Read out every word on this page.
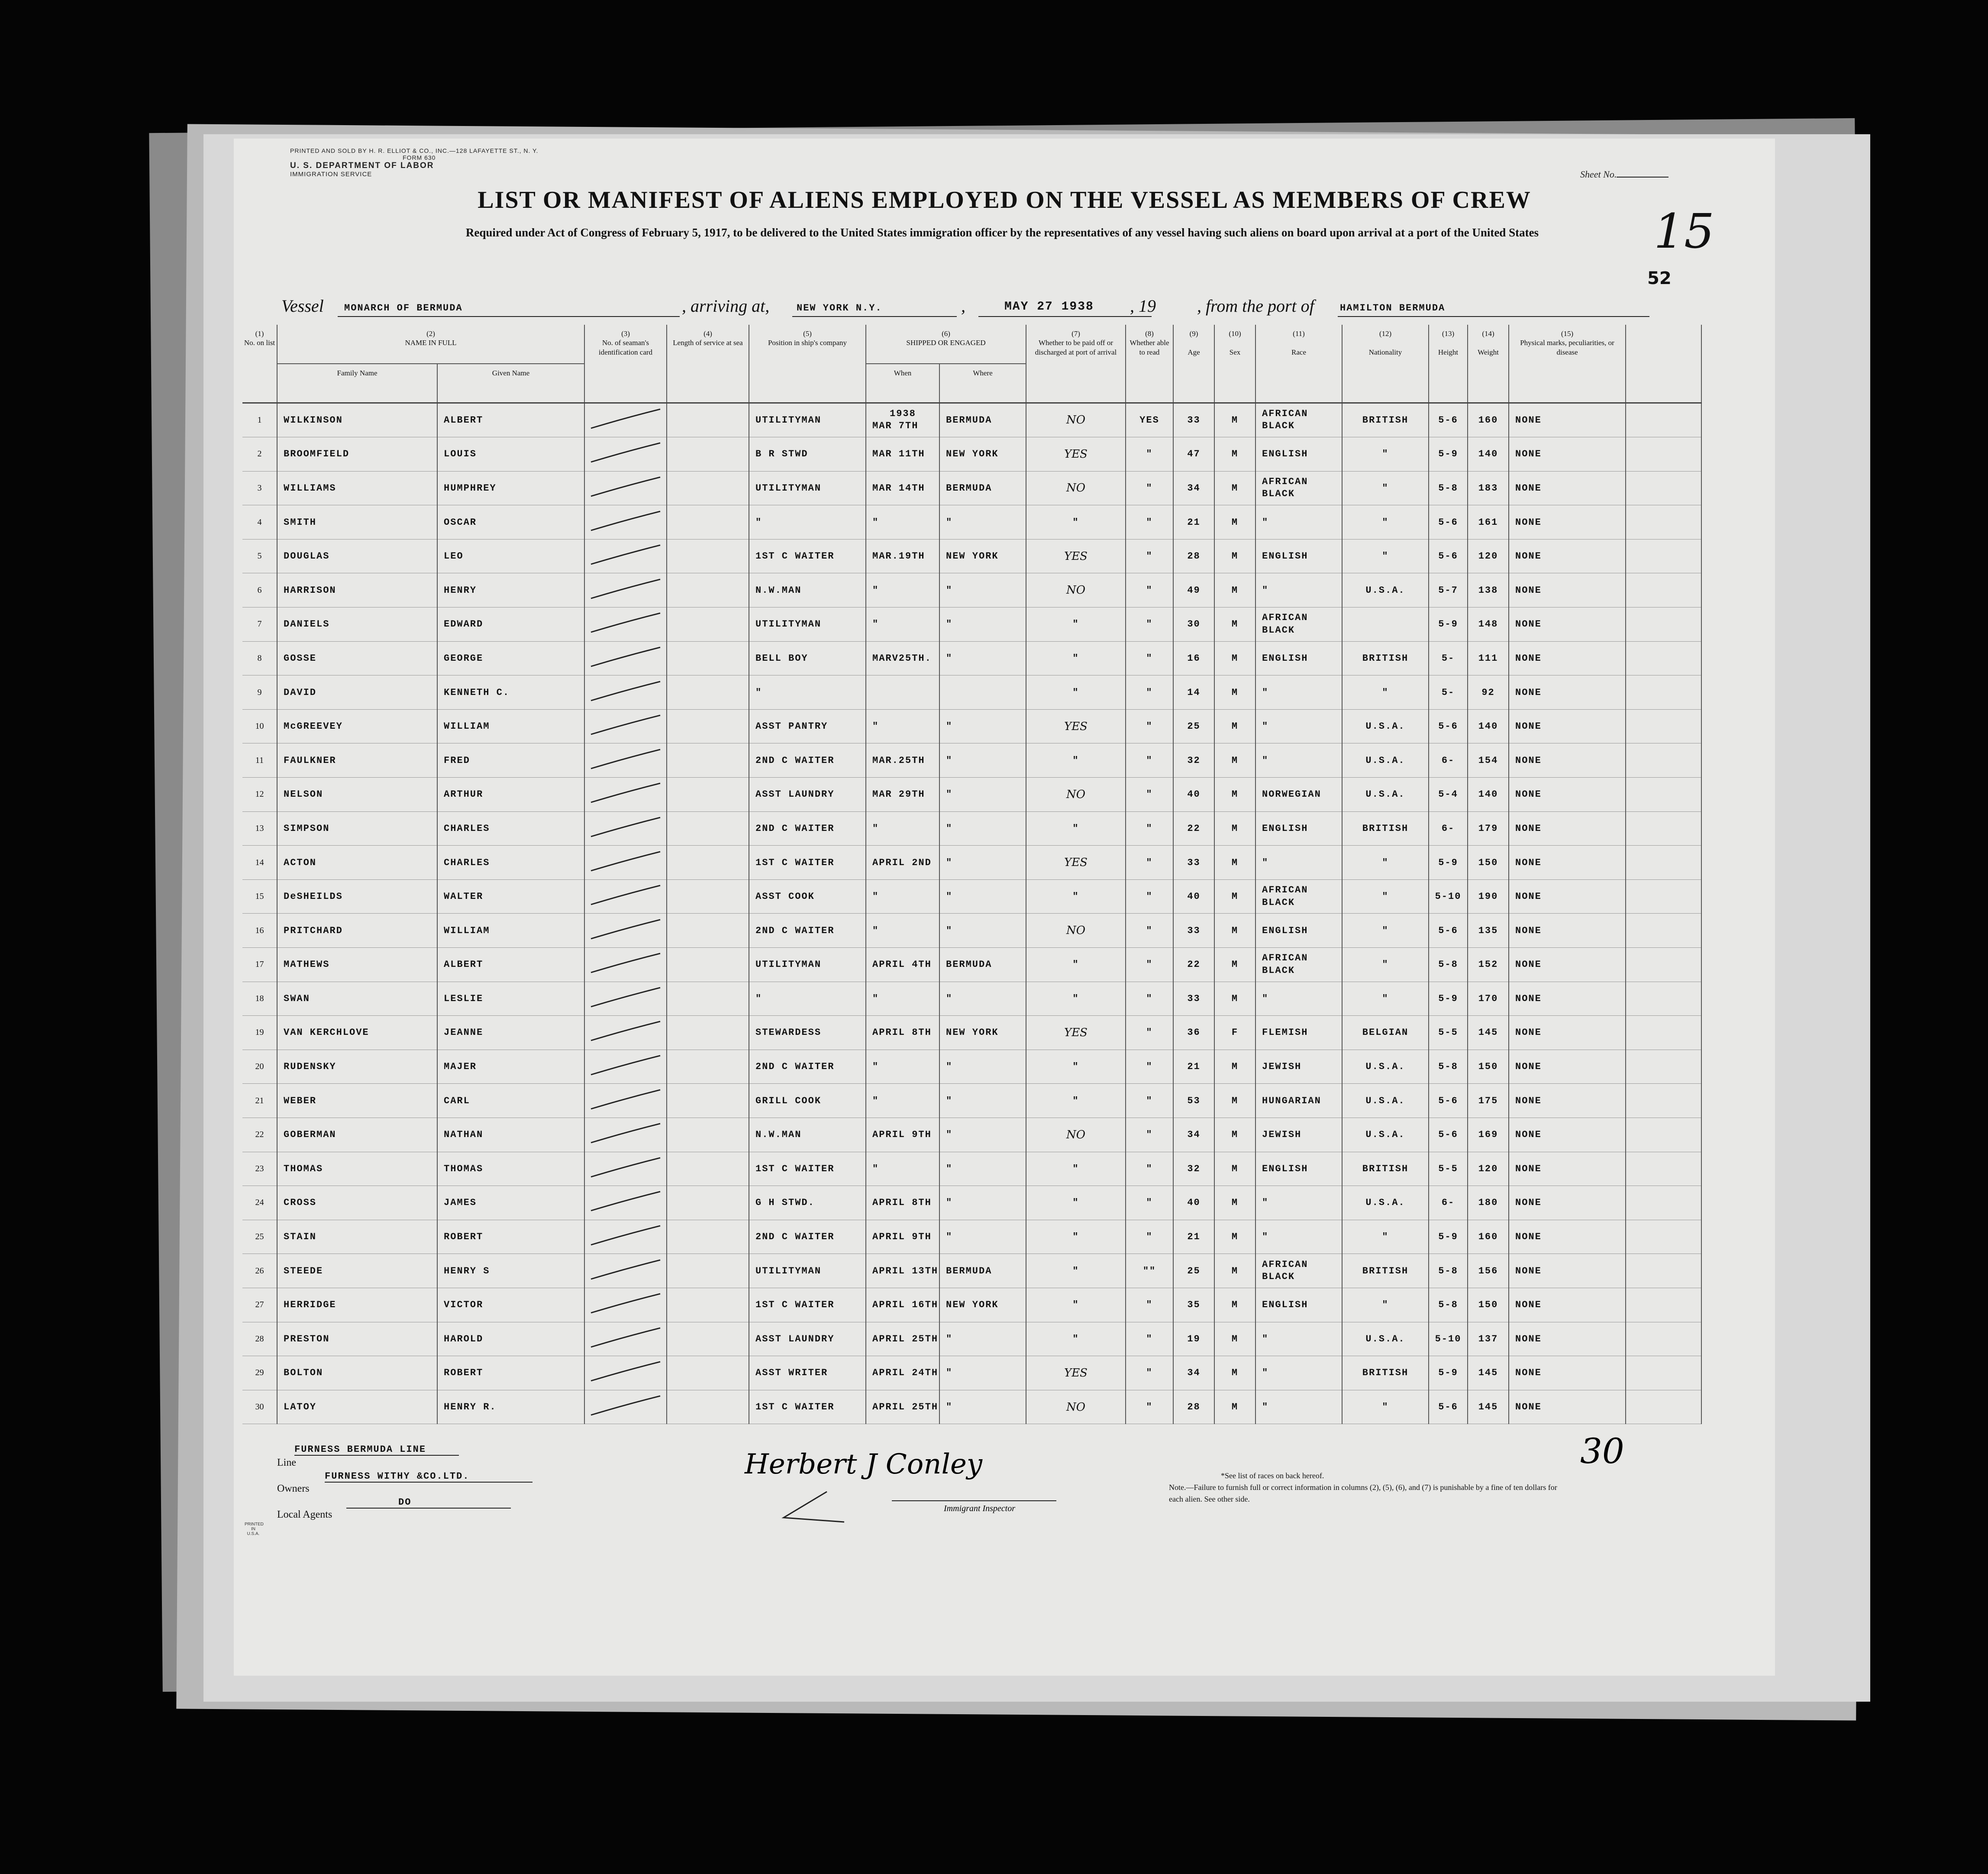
PRINTED AND SOLD BY H. R. ELLIOT & CO., INC.—128 LAFAYETTE ST., N. Y.
FORM 630
U. S. DEPARTMENT OF LABOR
IMMIGRATION SERVICE	Sheet No.
15
52
LIST OR MANIFEST OF ALIENS EMPLOYED ON THE VESSEL AS MEMBERS OF CREW
Required under Act of Congress of February 5, 1917, to be delivered to the United States immigration officer by the representatives of any vessel having such aliens on board upon arrival at a port of the United States
Vessel MONARCH OF BERMUDA	, arriving at,	NEW YORK N.Y.	,	MAY 27 1938 , 19 , from the port of	HAMILTON BERMUDA
(1)
No. on list	(2)
NAME IN FULL		(3)
No. of seaman's identification card	(4)
Length of service at sea	(5)
Position in ship's company	(6)
SHIPPED OR ENGAGED		(7)
Whether to be paid off or discharged at port of arrival	(8)
Whether able to read	(9)

Age	(10)

Sex	(11)

Race	(12)

Nationality	(13)

Height	(14)

Weight	(15)
Physical marks, peculiarities, or disease	
	Family Name	Given Name				When	Where										
1	WILKINSON	ALBERT			UTILITYMAN	1938
MAR 7TH	BERMUDA	NO	YES	33	M	AFRICAN
BLACK	BRITISH	5-6	160	NONE	
2	BROOMFIELD	LOUIS			B R STWD	MAR 11TH	NEW YORK	YES	"	47	M	ENGLISH	"	5-9	140	NONE	
3	WILLIAMS	HUMPHREY			UTILITYMAN	MAR 14TH	BERMUDA	NO	"	34	M	AFRICAN
BLACK	"	5-8	183	NONE	
4	SMITH	OSCAR			"	"	"	"	"	21	M	"	"	5-6	161	NONE	
5	DOUGLAS	LEO			1ST C WAITER	MAR.19TH	NEW YORK	YES	"	28	M	ENGLISH	"	5-6	120	NONE	
6	HARRISON	HENRY			N.W.MAN	"	"	NO	"	49	M	"	U.S.A.	5-7	138	NONE	
7	DANIELS	EDWARD			UTILITYMAN	"	"	"	"	30	M	AFRICAN
BLACK		5-9	148	NONE	
8	GOSSE	GEORGE			BELL BOY	MARV25TH.	"	"	"	16	M	ENGLISH	BRITISH	5-	111	NONE	
9	DAVID	KENNETH C.			"			"	"	14	M	"	"	5-	92	NONE	
10	McGREEVEY	WILLIAM			ASST PANTRY	"	"	YES	"	25	M	"	U.S.A.	5-6	140	NONE	
11	FAULKNER	FRED			2ND C WAITER	MAR.25TH	"	"	"	32	M	"	U.S.A.	6-	154	NONE	
12	NELSON	ARTHUR			ASST LAUNDRY	MAR 29TH	"	NO	"	40	M	NORWEGIAN	U.S.A.	5-4	140	NONE	
13	SIMPSON	CHARLES			2ND C WAITER	"	"	"	"	22	M	ENGLISH	BRITISH	6-	179	NONE	
14	ACTON	CHARLES			1ST C WAITER	APRIL 2ND	"	YES	"	33	M	"	"	5-9	150	NONE	
15	DeSHEILDS	WALTER			ASST COOK	"	"	"	"	40	M	AFRICAN
BLACK	"	5-10	190	NONE	
16	PRITCHARD	WILLIAM			2ND C WAITER	"	"	NO	"	33	M	ENGLISH	"	5-6	135	NONE	
17	MATHEWS	ALBERT			UTILITYMAN	APRIL 4TH	BERMUDA	"	"	22	M	AFRICAN
BLACK	"	5-8	152	NONE	
18	SWAN	LESLIE			"	"	"	"	"	33	M	"	"	5-9	170	NONE	
19	VAN KERCHLOVE	JEANNE			STEWARDESS	APRIL 8TH	NEW YORK	YES	"	36	F	FLEMISH	BELGIAN	5-5	145	NONE	
20	RUDENSKY	MAJER			2ND C WAITER	"	"	"	"	21	M	JEWISH	U.S.A.	5-8	150	NONE	
21	WEBER	CARL			GRILL COOK	"	"	"	"	53	M	HUNGARIAN	U.S.A.	5-6	175	NONE	
22	GOBERMAN	NATHAN			N.W.MAN	APRIL 9TH	"	NO	"	34	M	JEWISH	U.S.A.	5-6	169	NONE	
23	THOMAS	THOMAS			1ST C WAITER	"	"	"	"	32	M	ENGLISH	BRITISH	5-5	120	NONE	
24	CROSS	JAMES			G H STWD.	APRIL 8TH	"	"	"	40	M	"	U.S.A.	6-	180	NONE	
25	STAIN	ROBERT			2ND C WAITER	APRIL 9TH	"	"	"	21	M	"	"	5-9	160	NONE	
26	STEEDE	HENRY S			UTILITYMAN	APRIL 13TH	BERMUDA	"	""	25	M	AFRICAN
BLACK	BRITISH	5-8	156	NONE	
27	HERRIDGE	VICTOR			1ST C WAITER	APRIL 16TH	NEW YORK	"	"	35	M	ENGLISH	"	5-8	150	NONE	
28	PRESTON	HAROLD			ASST LAUNDRY	APRIL 25TH	"	"	"	19	M	"	U.S.A.	5-10	137	NONE	
29	BOLTON	ROBERT			ASST WRITER	APRIL 24TH	"	YES	"	34	M	"	BRITISH	5-9	145	NONE	
30	LATOY	HENRY R.			1ST C WAITER	APRIL 25TH	"	NO	"	28	M	"	"	5-6	145	NONE	
Line
FURNESS BERMUDA LINE
Owners
FURNESS WITHY &CO.LTD.
Local Agents
DO
PRINTED
IN
U.S.A.
Herbert J Conley
Immigrant Inspector
30
*See list of races on back hereof.
Note.—Failure to furnish full or correct information in columns (2), (5), (6), and (7) is punishable by a fine of ten dollars for each alien. See other side.
